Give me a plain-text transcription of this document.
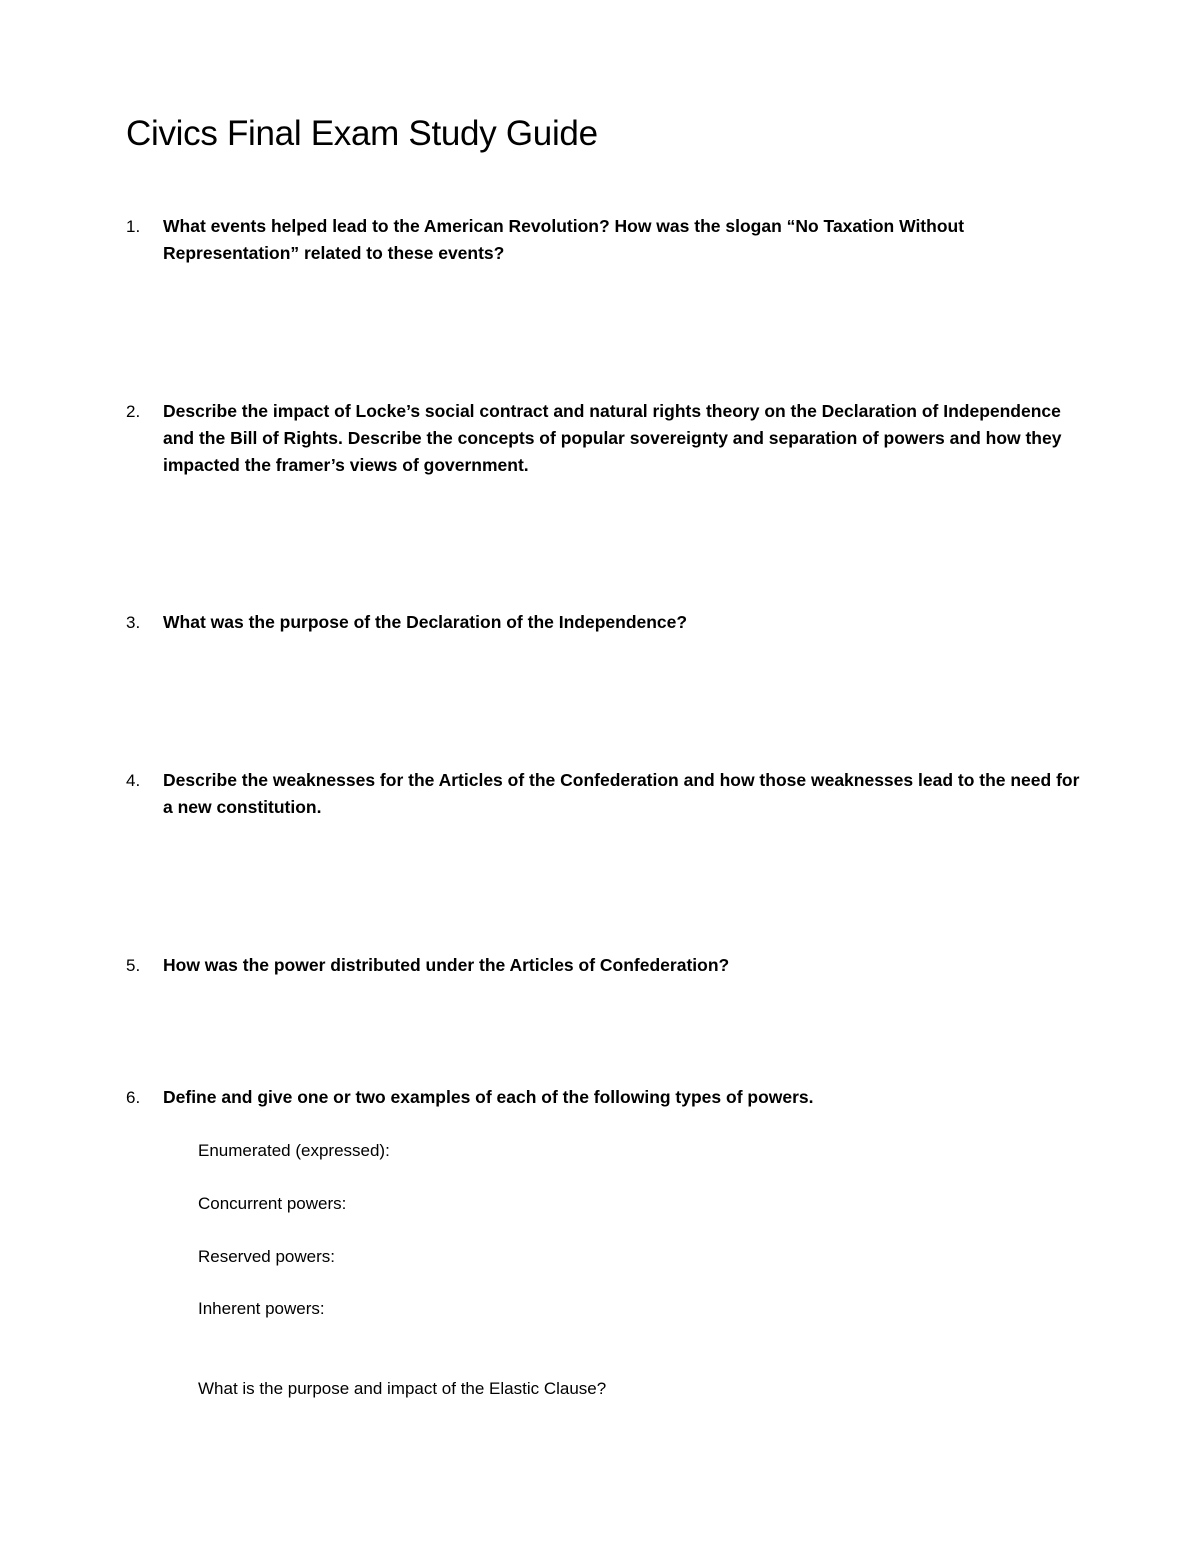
Civics Final Exam Study Guide
1. What events helped lead to the American Revolution? How was the slogan “No Taxation Without Representation” related to these events?
2. Describe the impact of Locke’s social contract and natural rights theory on the Declaration of Independence and the Bill of Rights. Describe the concepts of popular sovereignty and separation of powers and how they impacted the framer’s views of government.
3. What was the purpose of the Declaration of the Independence?
4. Describe the weaknesses for the Articles of the Confederation and how those weaknesses lead to the need for a new constitution.
5. How was the power distributed under the Articles of Confederation?
6. Define and give one or two examples of each of the following types of powers.

Enumerated (expressed):

Concurrent powers:

Reserved powers:

Inherent powers:

What is the purpose and impact of the Elastic Clause?
